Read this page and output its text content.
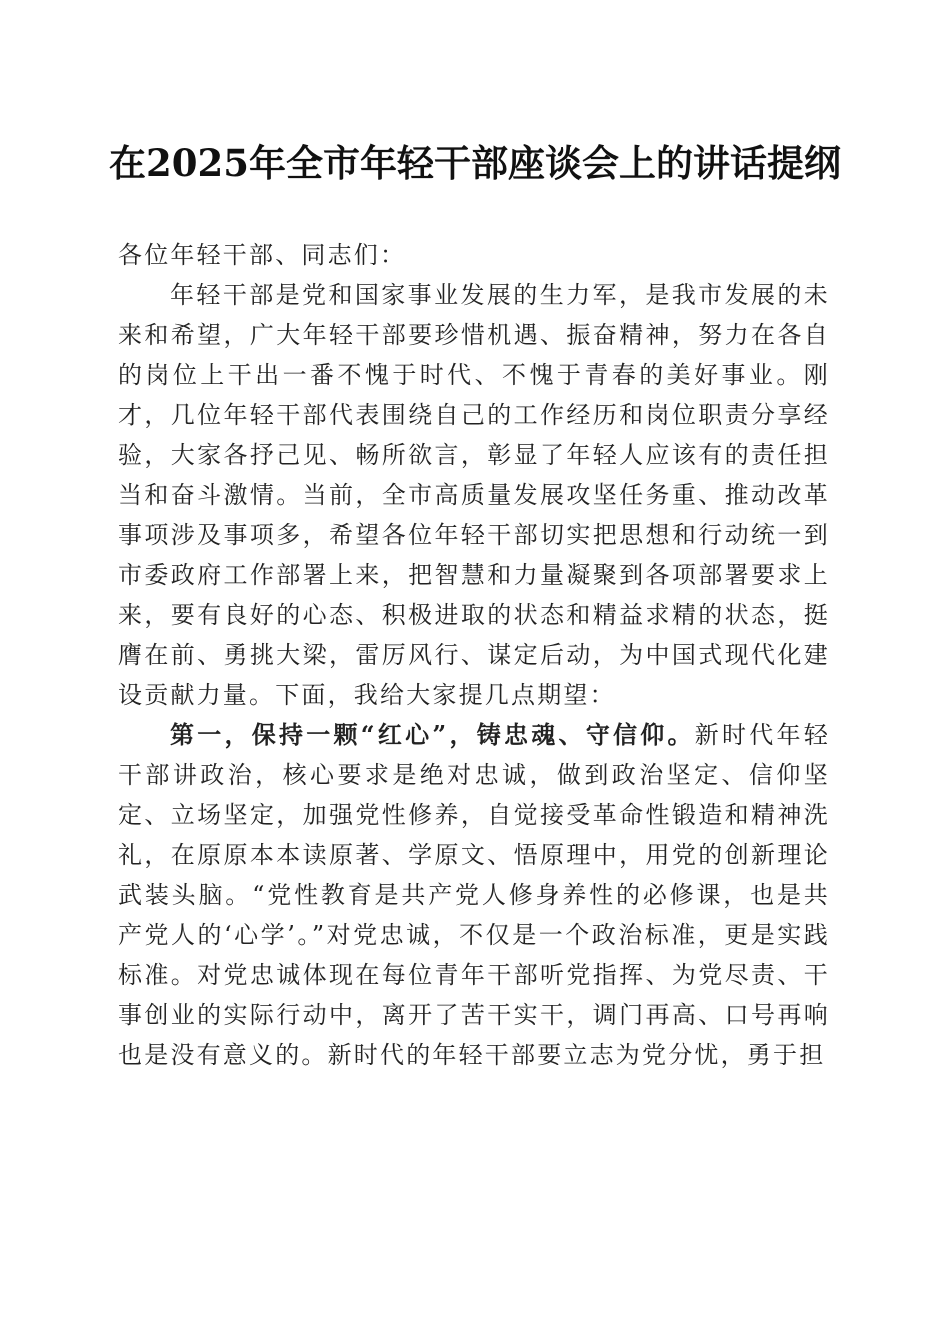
在2025年全市年轻干部座谈会上的讲话提纲

各位年轻干部、同志们：

年轻干部是党和国家事业发展的生力军，是我市发展的未来和希望，广大年轻干部要珍惜机遇、振奋精神，努力在各自的岗位上干出一番不愧于时代、不愧于青春的美好事业。刚才，几位年轻干部代表围绕自己的工作经历和岗位职责分享经验，大家各抒己见、畅所欲言，彰显了年轻人应该有的责任担当和奋斗激情。当前，全市高质量发展攻坚任务重、推动改革事项涉及事项多，希望各位年轻干部切实把思想和行动统一到市委政府工作部署上来，把智慧和力量凝聚到各项部署要求上来，要有良好的心态、积极进取的状态和精益求精的状态，挺膺在前、勇挑大梁，雷厉风行、谋定后动，为中国式现代化建设贡献力量。下面，我给大家提几点期望：

第一，保持一颗“红心”，铸忠魂、守信仰。新时代年轻干部讲政治，核心要求是绝对忠诚，做到政治坚定、信仰坚定、立场坚定，加强党性修养，自觉接受革命性锻造和精神洗礼，在原原本本读原著、学原文、悟原理中，用党的创新理论武装头脑。“党性教育是共产党人修身养性的必修课，也是共产党人的‘心学’。”对党忠诚，不仅是一个政治标准，更是实践标准。对党忠诚体现在每位青年干部听党指挥、为党尽责、干事创业的实际行动中，离开了苦干实干，调门再高、口号再响也是没有意义的。新时代的年轻干部要立志为党分忧，勇于担
